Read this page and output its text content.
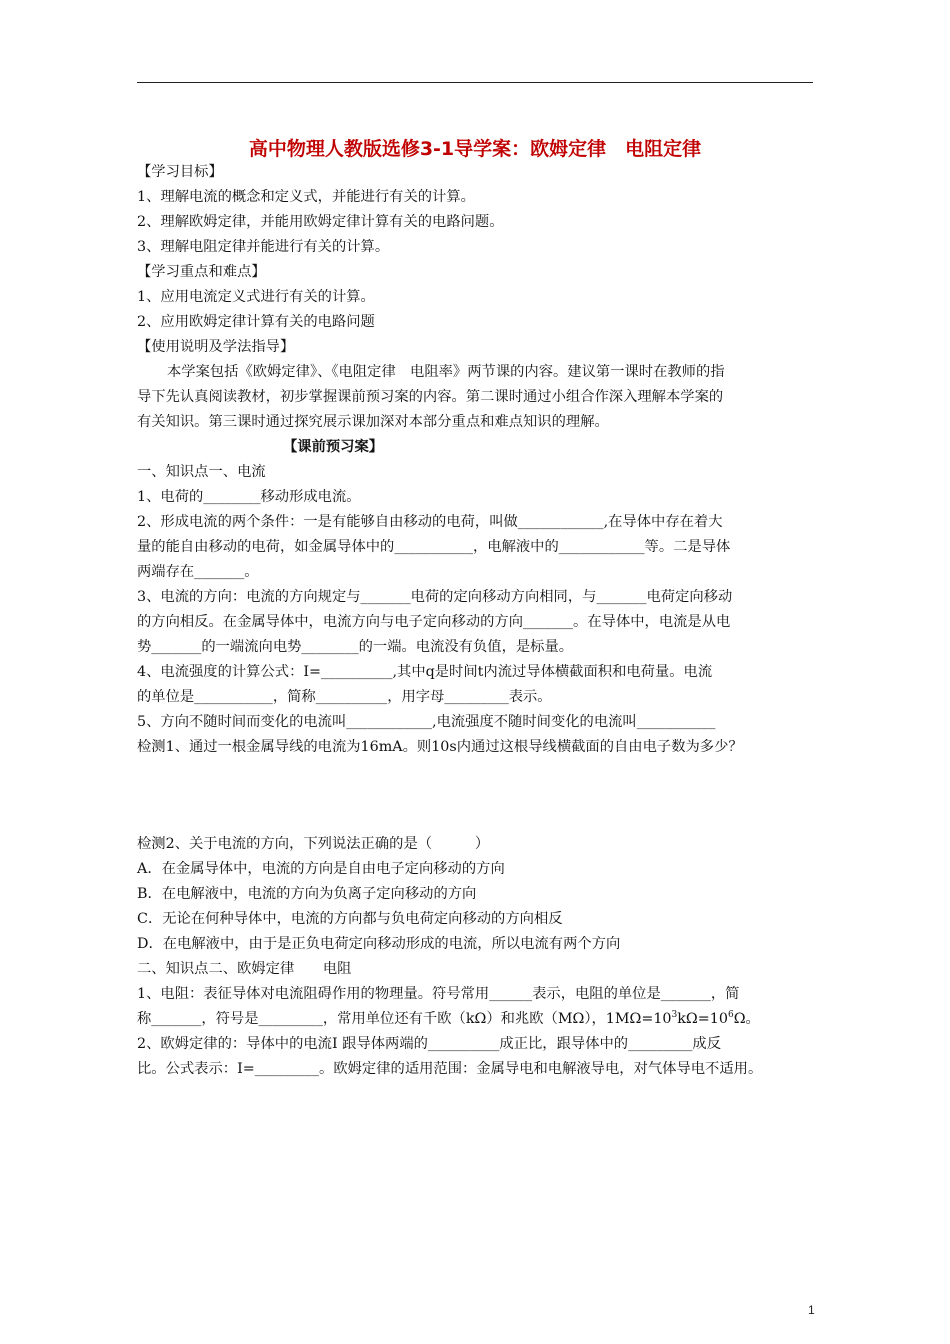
高中物理人教版选修3-1导学案：欧姆定律　电阻定律
【学习目标】
1、理解电流的概念和定义式，并能进行有关的计算。
2、理解欧姆定律，并能用欧姆定律计算有关的电路问题。
3、理解电阻定律并能进行有关的计算。
【学习重点和难点】
1、应用电流定义式进行有关的计算。
2、应用欧姆定律计算有关的电路问题
【使用说明及学法指导】
本学案包括《欧姆定律》、《电阻定律　电阻率》两节课的内容。建议第一课时在教师的指
导下先认真阅读教材，初步掌握课前预习案的内容。第二课时通过小组合作深入理解本学案的
有关知识。第三课时通过探究展示课加深对本部分重点和难点知识的理解。
【课前预习案】
一、知识点一、电流
1、电荷的________移动形成电流。
2、形成电流的两个条件：一是有能够自由移动的电荷，叫做____________,在导体中存在着大
量的能自由移动的电荷，如金属导体中的___________，电解液中的____________等。二是导体
两端存在_______。
3、电流的方向：电流的方向规定与_______电荷的定向移动方向相同，与_______电荷定向移动
的方向相反。在金属导体中，电流方向与电子定向移动的方向_______。在导体中，电流是从电
势_______的一端流向电势________的一端。电流没有负值，是标量。
4、电流强度的计算公式：I=__________,其中q是时间t内流过导体横截面积和电荷量。电流
的单位是___________，简称__________，用字母_________表示。
5、方向不随时间而变化的电流叫____________,电流强度不随时间变化的电流叫___________
检测1、通过一根金属导线的电流为16mA。则10s内通过这根导线横截面的自由电子数为多少？
检测2、关于电流的方向，下列说法正确的是（　　　）
A．在金属导体中，电流的方向是自由电子定向移动的方向
B．在电解液中，电流的方向为负离子定向移动的方向
C．无论在何种导体中，电流的方向都与负电荷定向移动的方向相反
D．在电解液中，由于是正负电荷定向移动形成的电流，所以电流有两个方向
二、知识点二、欧姆定律　　电阻
1、电阻：表征导体对电流阻碍作用的物理量。符号常用______表示，电阻的单位是_______，简
称_______，符号是_________，常用单位还有千欧（kΩ）和兆欧（MΩ），$1M\Omega=10^3k\Omega=10^6\Omega$。
2、欧姆定律的：导体中的电流I 跟导体两端的__________成正比，跟导体中的_________成反
比。公式表示：I=_________。欧姆定律的适用范围：金属导电和电解液导电，对气体导电不适用。
1
